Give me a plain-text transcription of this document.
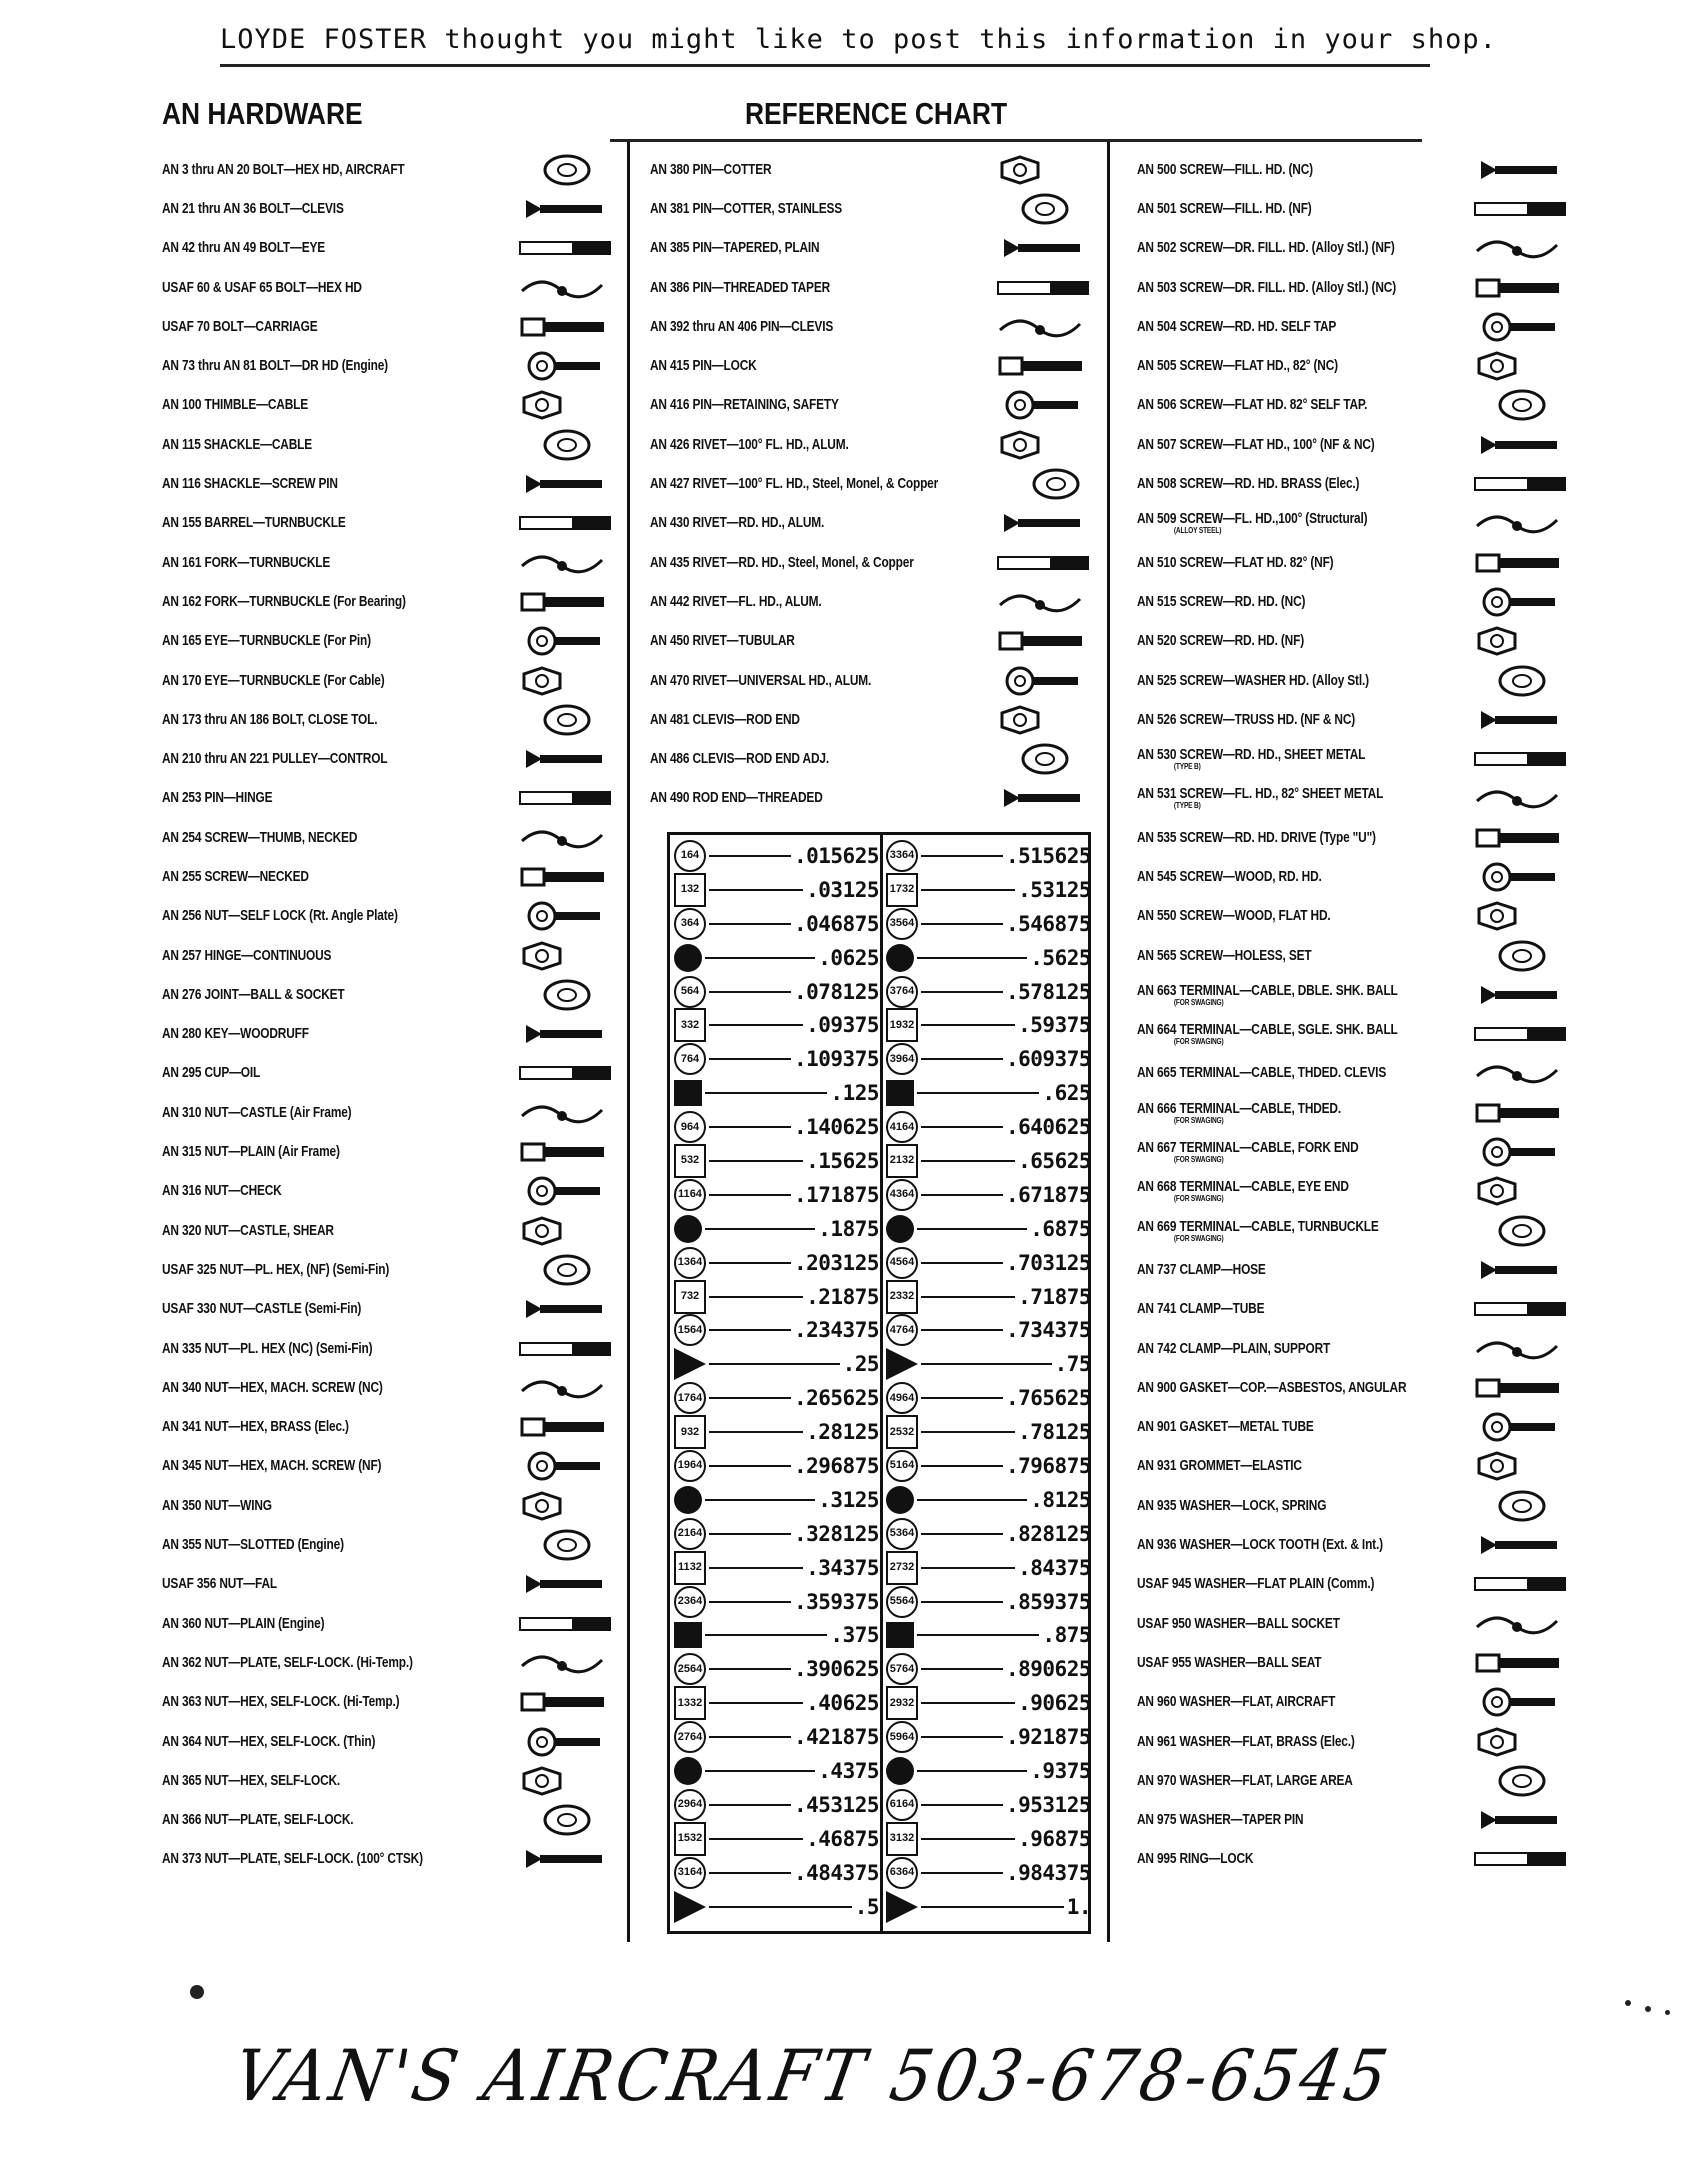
LOYDE FOSTER thought you might like to post this information in your shop.
AN HARDWARE	REFERENCE CHART
AN 3 thru AN 20 BOLT—HEX HD, AIRCRAFT
AN 21 thru AN 36 BOLT—CLEVIS
AN 42 thru AN 49 BOLT—EYE
USAF 60 & USAF 65 BOLT—HEX HD
USAF 70 BOLT—CARRIAGE
AN 73 thru AN 81 BOLT—DR HD (Engine)
AN 100 THIMBLE—CABLE
AN 115 SHACKLE—CABLE
AN 116 SHACKLE—SCREW PIN
AN 155 BARREL—TURNBUCKLE
AN 161 FORK—TURNBUCKLE
AN 162 FORK—TURNBUCKLE (For Bearing)
AN 165 EYE—TURNBUCKLE (For Pin)
AN 170 EYE—TURNBUCKLE (For Cable)
AN 173 thru AN 186 BOLT, CLOSE TOL.
AN 210 thru AN 221 PULLEY—CONTROL
AN 253 PIN—HINGE
AN 254 SCREW—THUMB, NECKED
AN 255 SCREW—NECKED
AN 256 NUT—SELF LOCK (Rt. Angle Plate)
AN 257 HINGE—CONTINUOUS
AN 276 JOINT—BALL & SOCKET
AN 280 KEY—WOODRUFF
AN 295 CUP—OIL
AN 310 NUT—CASTLE (Air Frame)
AN 315 NUT—PLAIN (Air Frame)
AN 316 NUT—CHECK
AN 320 NUT—CASTLE, SHEAR
USAF 325 NUT—PL. HEX, (NF) (Semi-Fin)
USAF 330 NUT—CASTLE (Semi-Fin)
AN 335 NUT—PL. HEX (NC) (Semi-Fin)
AN 340 NUT—HEX, MACH. SCREW (NC)
AN 341 NUT—HEX, BRASS (Elec.)
AN 345 NUT—HEX, MACH. SCREW (NF)
AN 350 NUT—WING
AN 355 NUT—SLOTTED (Engine)
USAF 356 NUT—FAL
AN 360 NUT—PLAIN (Engine)
AN 362 NUT—PLATE, SELF-LOCK. (Hi-Temp.)
AN 363 NUT—HEX, SELF-LOCK. (Hi-Temp.)
AN 364 NUT—HEX, SELF-LOCK. (Thin)
AN 365 NUT—HEX, SELF-LOCK.
AN 366 NUT—PLATE, SELF-LOCK.
AN 373 NUT—PLATE, SELF-LOCK. (100° CTSK)
AN 380 PIN—COTTER
AN 381 PIN—COTTER, STAINLESS
AN 385 PIN—TAPERED, PLAIN
AN 386 PIN—THREADED TAPER
AN 392 thru AN 406 PIN—CLEVIS
AN 415 PIN—LOCK
AN 416 PIN—RETAINING, SAFETY
AN 426 RIVET—100° FL. HD., ALUM.
AN 427 RIVET—100° FL. HD., Steel, Monel, & Copper
AN 430 RIVET—RD. HD., ALUM.
AN 435 RIVET—RD. HD., Steel, Monel, & Copper
AN 442 RIVET—FL. HD., ALUM.
AN 450 RIVET—TUBULAR
AN 470 RIVET—UNIVERSAL HD., ALUM.
AN 481 CLEVIS—ROD END
AN 486 CLEVIS—ROD END ADJ.
AN 490 ROD END—THREADED
AN 500 SCREW—FILL. HD. (NC)
AN 501 SCREW—FILL. HD. (NF)
AN 502 SCREW—DR. FILL. HD. (Alloy Stl.) (NF)
AN 503 SCREW—DR. FILL. HD. (Alloy Stl.) (NC)
AN 504 SCREW—RD. HD. SELF TAP
AN 505 SCREW—FLAT HD., 82° (NC)
AN 506 SCREW—FLAT HD. 82° SELF TAP.
AN 507 SCREW—FLAT HD., 100° (NF & NC)
AN 508 SCREW—RD. HD. BRASS (Elec.)
AN 509 SCREW—FL. HD.,100° (Structural)
(ALLOY STEEL)
AN 510 SCREW—FLAT HD. 82° (NF)
AN 515 SCREW—RD. HD. (NC)
AN 520 SCREW—RD. HD. (NF)
AN 525 SCREW—WASHER HD. (Alloy Stl.)
AN 526 SCREW—TRUSS HD. (NF & NC)
AN 530 SCREW—RD. HD., SHEET METAL
(TYPE B)
AN 531 SCREW—FL. HD., 82° SHEET METAL
(TYPE B)
AN 535 SCREW—RD. HD. DRIVE (Type "U")
AN 545 SCREW—WOOD, RD. HD.
AN 550 SCREW—WOOD, FLAT HD.
AN 565 SCREW—HOLESS, SET
AN 663 TERMINAL—CABLE, DBLE. SHK. BALL
(FOR SWAGING)
AN 664 TERMINAL—CABLE, SGLE. SHK. BALL
(FOR SWAGING)
AN 665 TERMINAL—CABLE, THDED. CLEVIS
AN 666 TERMINAL—CABLE, THDED.
(FOR SWAGING)
AN 667 TERMINAL—CABLE, FORK END
(FOR SWAGING)
AN 668 TERMINAL—CABLE, EYE END
(FOR SWAGING)
AN 669 TERMINAL—CABLE, TURNBUCKLE
(FOR SWAGING)
AN 737 CLAMP—HOSE
AN 741 CLAMP—TUBE
AN 742 CLAMP—PLAIN, SUPPORT
AN 900 GASKET—COP.—ASBESTOS, ANGULAR
AN 901 GASKET—METAL TUBE
AN 931 GROMMET—ELASTIC
AN 935 WASHER—LOCK, SPRING
AN 936 WASHER—LOCK TOOTH (Ext. & Int.)
USAF 945 WASHER—FLAT PLAIN (Comm.)
USAF 950 WASHER—BALL SOCKET
USAF 955 WASHER—BALL SEAT
AN 960 WASHER—FLAT, AIRCRAFT
AN 961 WASHER—FLAT, BRASS (Elec.)
AN 970 WASHER—FLAT, LARGE AREA
AN 975 WASHER—TAPER PIN
AN 995 RING—LOCK
1 64	.015625
1 32	.03125
3 64	.046875
.0625
5 64	.078125
3 32	.09375
7 64	.109375
.125
9 64	.140625
5 32	.15625
11 64	.171875
.1875
13 64	.203125
7 32	.21875
15 64	.234375
.25
17 64	.265625
9 32	.28125
19 64	.296875
.3125
21 64	.328125
11 32	.34375
23 64	.359375
.375
25 64	.390625
13 32	.40625
27 64	.421875
.4375
29 64	.453125
15 32	.46875
31 64	.484375
.5
33 64	.515625
17 32	.53125
35 64	.546875
.5625
37 64	.578125
19 32	.59375
39 64	.609375
.625
41 64	.640625
21 32	.65625
43 64	.671875
.6875
45 64	.703125
23 32	.71875
47 64	.734375
.75
49 64	.765625
25 32	.78125
51 64	.796875
.8125
53 64	.828125
27 32	.84375
55 64	.859375
.875
57 64	.890625
29 32	.90625
59 64	.921875
.9375
61 64	.953125
31 32	.96875
63 64	.984375
1.
VAN'S AIRCRAFT 503-678-6545
